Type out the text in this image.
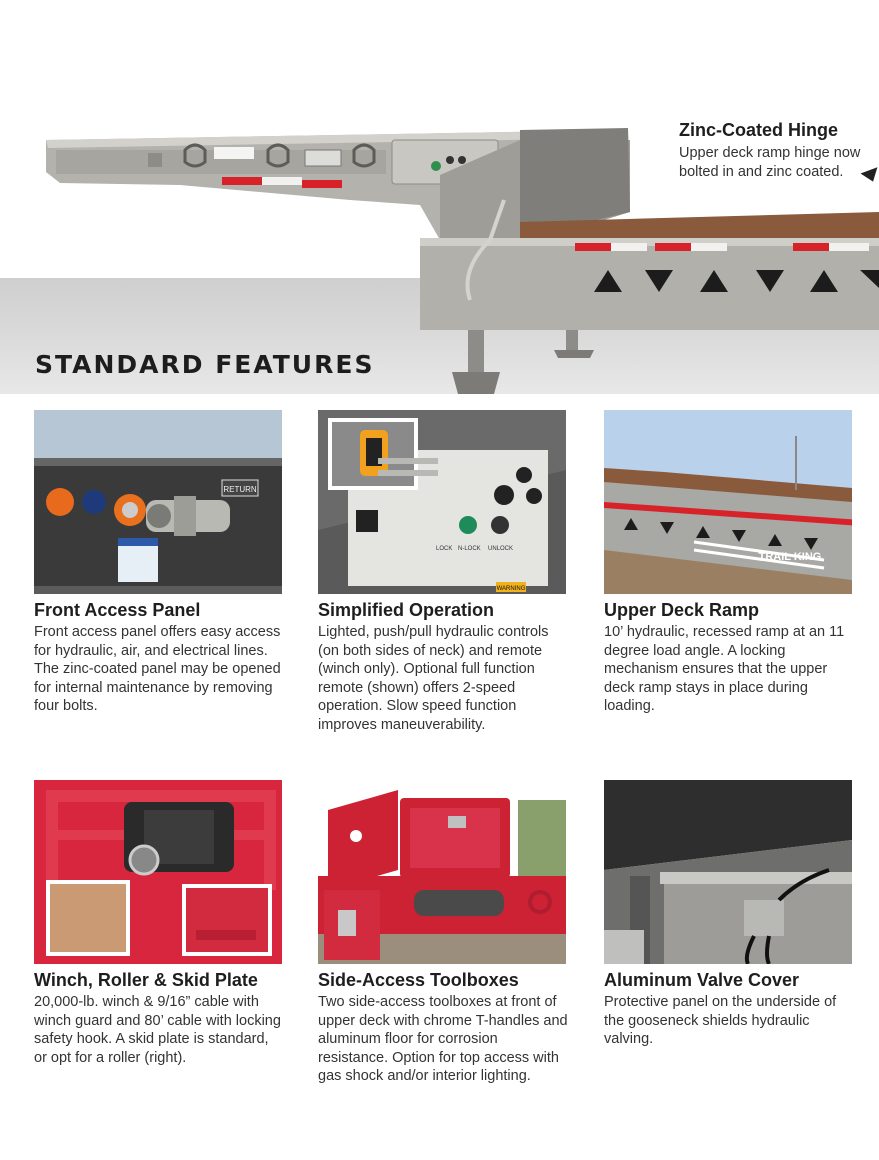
STANDARD FEATURES
Zinc-Coated Hinge

Upper deck ramp hinge now bolted in and zinc coated.

RETURN
Front Access Panel

Front access panel offers easy access for hydraulic, air, and electrical lines. The zinc-coated panel may be opened for internal maintenance by removing four bolts.

LOCK N-LOCK UNLOCK
WARNING
Simplified Operation

Lighted, push/pull hydraulic controls (on both sides of neck) and remote (winch only). Optional full function remote (shown) offers 2-speed operation. Slow speed function improves maneuverability.

TRAIL KING
Upper Deck Ramp

10’ hydraulic, recessed ramp at an 11 degree load angle. A locking mechanism ensures that the upper deck ramp stays in place during loading.

Winch, Roller & Skid Plate

20,000-lb. winch & 9/16” cable with winch guard and 80’ cable with locking safety hook. A skid plate is standard, or opt for a roller (right).

Side-Access Toolboxes

Two side-access toolboxes at front of upper deck with chrome T-handles and aluminum floor for corrosion resistance. Option for top access with gas shock and/or interior lighting.

Aluminum Valve Cover

Protective panel on the underside of the gooseneck shields hydraulic valving.
